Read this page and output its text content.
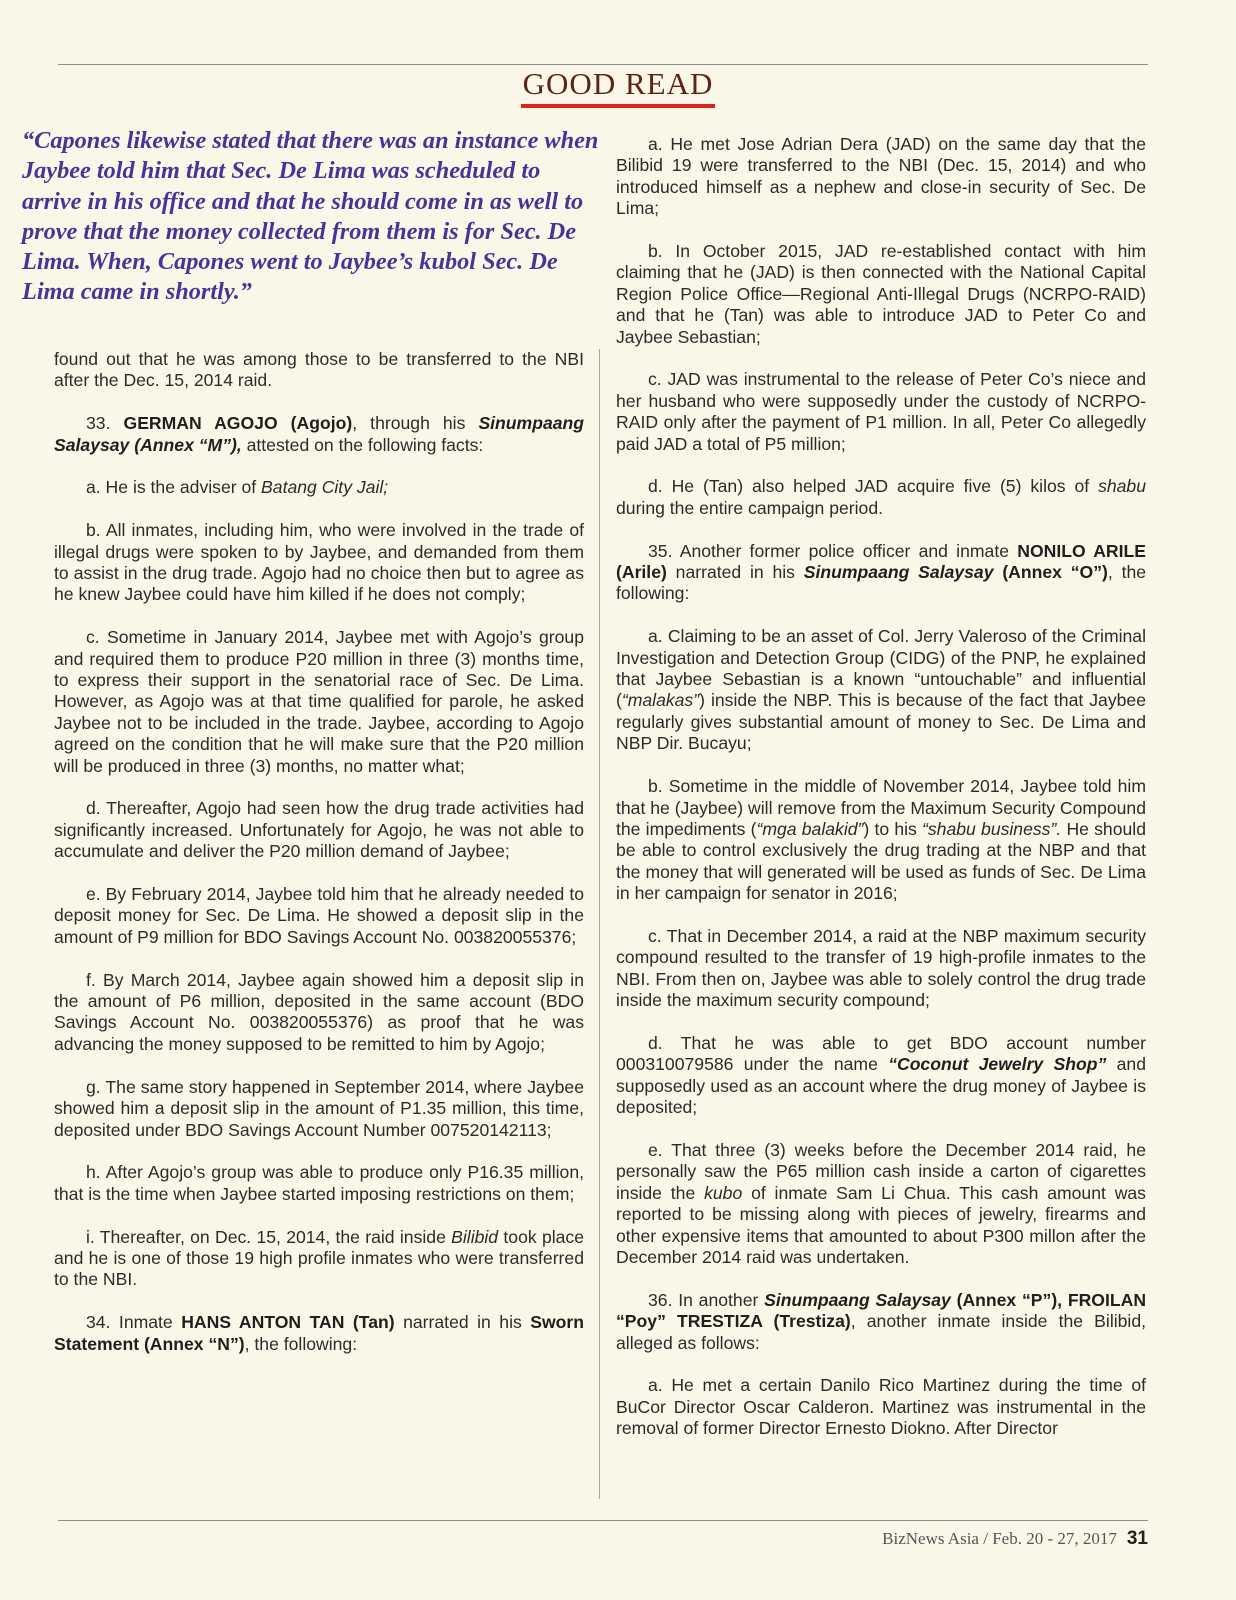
GOOD READ

“Capones likewise stated that there was an instance when Jaybee told him that Sec. De Lima was scheduled to arrive in his office and that he should come in as well to prove that the money collected from them is for Sec. De Lima. When, Capones went to Jaybee’s kubol Sec. De Lima came in shortly.”

found out that he was among those to be transferred to the NBI after the Dec. 15, 2014 raid.

33. GERMAN AGOJO (Agojo), through his Sinumpaang Salaysay (Annex “M”), attested on the following facts:

a. He is the adviser of Batang City Jail;

b. All inmates, including him, who were involved in the trade of illegal drugs were spoken to by Jaybee, and demanded from them to assist in the drug trade. Agojo had no choice then but to agree as he knew Jaybee could have him killed if he does not comply;

c. Sometime in January 2014, Jaybee met with Agojo’s group and required them to produce P20 million in three (3) months time, to express their support in the senatorial race of Sec. De Lima. However, as Agojo was at that time qualified for parole, he asked Jaybee not to be included in the trade. Jaybee, according to Agojo agreed on the condition that he will make sure that the P20 million will be produced in three (3) months, no matter what;

d. Thereafter, Agojo had seen how the drug trade activities had significantly increased. Unfortunately for Agojo, he was not able to accumulate and deliver the P20 million demand of Jaybee;

e. By February 2014, Jaybee told him that he already needed to deposit money for Sec. De Lima. He showed a deposit slip in the amount of P9 million for BDO Savings Account No. 003820055376;

f. By March 2014, Jaybee again showed him a deposit slip in the amount of P6 million, deposited in the same account (BDO Savings Account No. 003820055376) as proof that he was advancing the money supposed to be remitted to him by Agojo;

g. The same story happened in September 2014, where Jaybee showed him a deposit slip in the amount of P1.35 million, this time, deposited under BDO Savings Account Number 007520142113;

h. After Agojo’s group was able to produce only P16.35 million, that is the time when Jaybee started imposing restrictions on them;

i. Thereafter, on Dec. 15, 2014, the raid inside Bilibid took place and he is one of those 19 high profile inmates who were transferred to the NBI.

34. Inmate HANS ANTON TAN (Tan) narrated in his Sworn Statement (Annex “N”), the following:

a. He met Jose Adrian Dera (JAD) on the same day that the Bilibid 19 were transferred to the NBI (Dec. 15, 2014) and who introduced himself as a nephew and close-in security of Sec. De Lima;

b. In October 2015, JAD re-established contact with him claiming that he (JAD) is then connected with the National Capital Region Police Office—Regional Anti-Illegal Drugs (NCRPO-RAID) and that he (Tan) was able to introduce JAD to Peter Co and Jaybee Sebastian;

c. JAD was instrumental to the release of Peter Co’s niece and her husband who were supposedly under the custody of NCRPO-RAID only after the payment of P1 million. In all, Peter Co allegedly paid JAD a total of P5 million;

d. He (Tan) also helped JAD acquire five (5) kilos of shabu during the entire campaign period.

35. Another former police officer and inmate NONILO ARILE (Arile) narrated in his Sinumpaang Salaysay (Annex “O”), the following:

a. Claiming to be an asset of Col. Jerry Valeroso of the Criminal Investigation and Detection Group (CIDG) of the PNP, he explained that Jaybee Sebastian is a known “untouchable” and influential (“malakas”) inside the NBP. This is because of the fact that Jaybee regularly gives substantial amount of money to Sec. De Lima and NBP Dir. Bucayu;

b. Sometime in the middle of November 2014, Jaybee told him that he (Jaybee) will remove from the Maximum Security Compound the impediments (“mga balakid”) to his “shabu business”. He should be able to control exclusively the drug trading at the NBP and that the money that will generated will be used as funds of Sec. De Lima in her campaign for senator in 2016;

c. That in December 2014, a raid at the NBP maximum security compound resulted to the transfer of 19 high-profile inmates to the NBI. From then on, Jaybee was able to solely control the drug trade inside the maximum security compound;

d. That he was able to get BDO account number 000310079586 under the name “Coconut Jewelry Shop” and supposedly used as an account where the drug money of Jaybee is deposited;

e. That three (3) weeks before the December 2014 raid, he personally saw the P65 million cash inside a carton of cigarettes inside the kubo of inmate Sam Li Chua. This cash amount was reported to be missing along with pieces of jewelry, firearms and other expensive items that amounted to about P300 millon after the December 2014 raid was undertaken.

36. In another Sinumpaang Salaysay (Annex “P”), FROILAN “Poy” TRESTIZA (Trestiza), another inmate inside the Bilibid, alleged as follows:

a. He met a certain Danilo Rico Martinez during the time of BuCor Director Oscar Calderon. Martinez was instrumental in the removal of former Director Ernesto Diokno. After Director

BizNews Asia / Feb. 20 - 27, 2017 31
